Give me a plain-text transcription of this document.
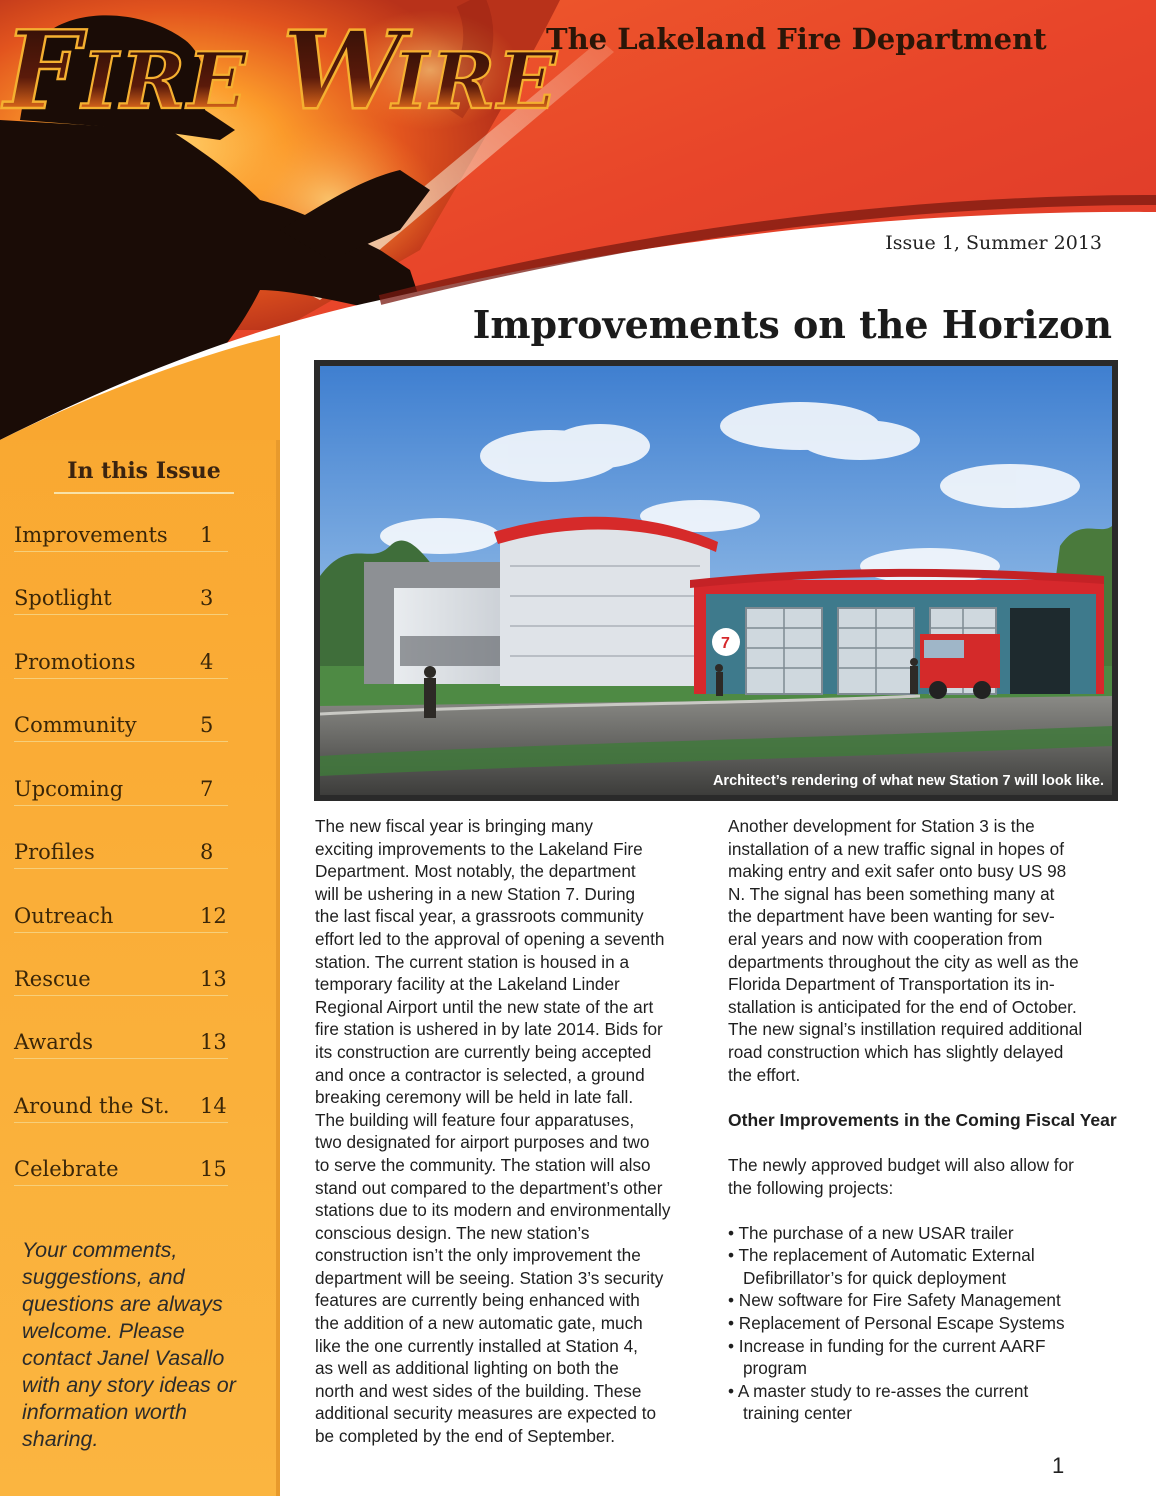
In this Issue
Improvements 1
Spotlight	3
Promotions	4
Community	5
Upcoming	7
Profiles	8
Outreach	12
Rescue	13
Awards	13
Around the St. 14
Celebrate	15
Your comments, suggestions, and questions are always welcome. Please contact Janel Vasallo with any story ideas or information worth sharing.
The Lakeland Fire Department
F IRE W
IRE
Issue 1, Summer 2013
Improvements on the Horizon
7
Architect’s rendering of what new Station 7 will look like.

The new fiscal year is bringing many

exciting improvements to the Lakeland Fire

Department. Most notably, the department

will be ushering in a new Station 7. During

the last fiscal year, a grassroots community

effort led to the approval of opening a seventh

station. The current station is housed in a

temporary facility at the Lakeland Linder

Regional Airport until the new state of the art

fire station is ushered in by late 2014. Bids for

its construction are currently being accepted

and once a contractor is selected, a ground

breaking ceremony will be held in late fall.

The building will feature four apparatuses,

two designated for airport purposes and two

to serve the community. The station will also

stand out compared to the department’s other

stations due to its modern and environmentally

conscious design. The new station’s

construction isn’t the only improvement the

department will be seeing. Station 3’s security

features are currently being enhanced with

the addition of a new automatic gate, much

like the one currently installed at Station 4,

as well as additional lighting on both the

north and west sides of the building. These

additional security measures are expected to

be completed by the end of September.

Another development for Station 3 is the

installation of a new traffic signal in hopes of

making entry and exit safer onto busy US 98

N. The signal has been something many at

the department have been wanting for sev-

eral years and now with cooperation from

departments throughout the city as well as the

Florida Department of Transportation its in-

stallation is anticipated for the end of October.

The new signal’s instillation required additional

road construction which has slightly delayed

the effort.

Other Improvements in the Coming Fiscal Year

The newly approved budget will also allow for

the following projects:

• The purchase of a new USAR trailer

• The replacement of Automatic External

Defibrillator’s for quick deployment

• New software for Fire Safety Management

• Replacement of Personal Escape Systems

• Increase in funding for the current AARF

program

• A master study to re-asses the current

training center

1
